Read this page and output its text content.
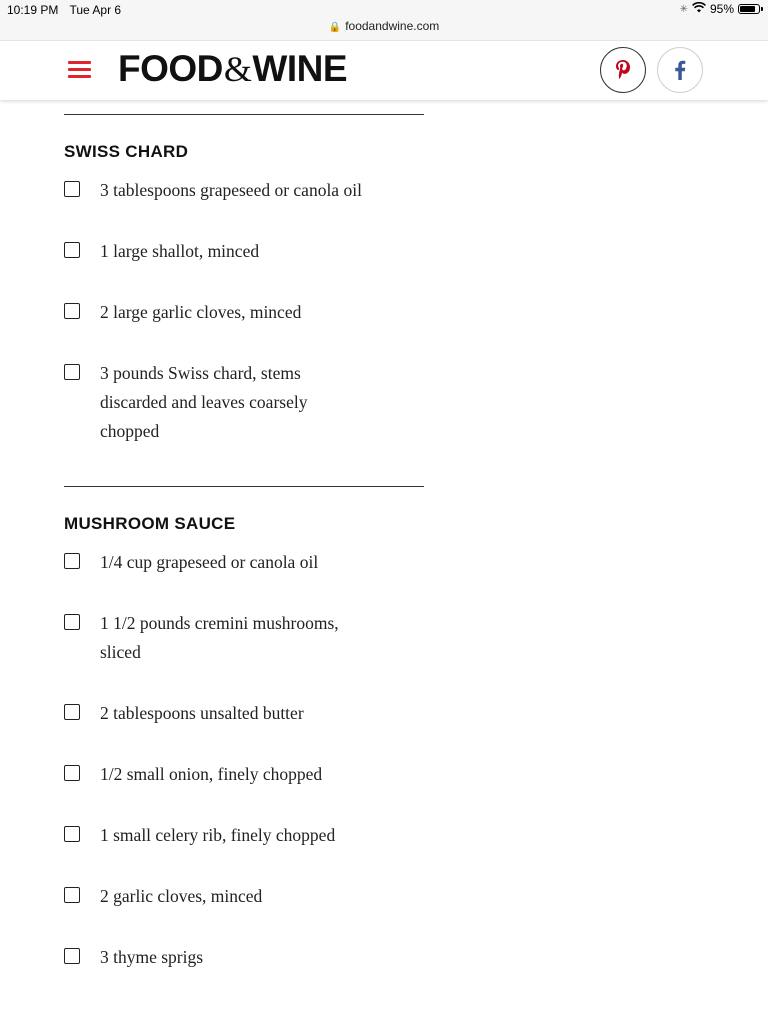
10:19 PM Tue Apr 6	✳ 95%
🔒 foodandwine.com
FOOD&WINE
SWISS CHARD
3 tablespoons grapeseed or canola oil
1 large shallot, minced
2 large garlic cloves, minced
3 pounds Swiss chard, stems discarded and leaves coarsely chopped
MUSHROOM SAUCE
1/4 cup grapeseed or canola oil
1 1/2 pounds cremini mushrooms, sliced
2 tablespoons unsalted butter
1/2 small onion, finely chopped
1 small celery rib, finely chopped
2 garlic cloves, minced
3 thyme sprigs
